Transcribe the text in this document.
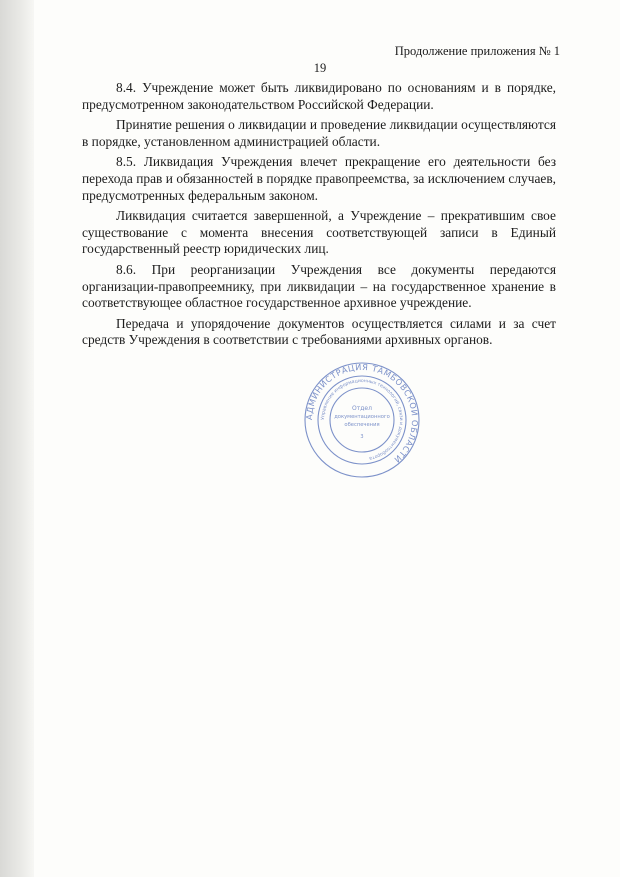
Продолжение приложения № 1
19

8.4. Учреждение может быть ликвидировано по основаниям и в порядке, предусмотренном законодательством Российской Федерации.

Принятие решения о ликвидации и проведение ликвидации осуществляются в порядке, установленном администрацией области.

8.5. Ликвидация Учреждения влечет прекращение его деятельности без перехода прав и обязанностей в порядке правопреемства, за исключением случаев, предусмотренных федеральным законом.

Ликвидация считается завершенной, а Учреждение – прекратившим свое существование с момента внесения соответствующей записи в Единый государственный реестр юридических лиц.

8.6. При реорганизации Учреждения все документы передаются организации-правопреемнику, при ликвидации – на государственное хранение в соответствующее областное государственное архивное учреждение.

Передача и упорядочение документов осуществляется силами и за счет средств Учреждения в соответствии с требованиями архивных органов.

АДМИНИСТРАЦИЯ ТАМБОВСКОЙ ОБЛАСТИ
Управление информационных технологий, связи и документооборота
Отдел
документационного
обеспечения
3
